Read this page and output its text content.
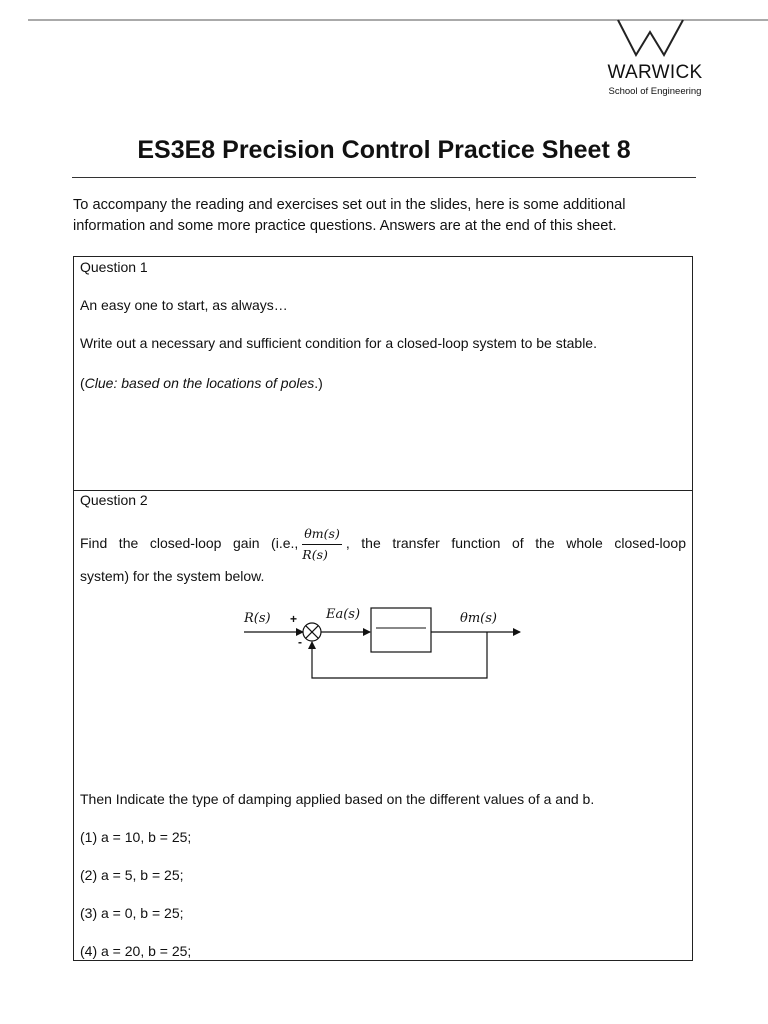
WARWICK
School of Engineering
ES3E8 Precision Control Practice Sheet 8

To accompany the reading and exercises set out in the slides, here is some additional information and some more practice questions. Answers are at the end of this sheet.

Question 1

An easy one to start, as always…

Write out a necessary and sufficient condition for a closed-loop system to be stable.

(Clue: based on the locations of poles.)

Question 2

Find the closed-loop gain (i.e., $\frac{\theta m(s)}{R(s)}$ , the transfer function of the whole closed-loop

system) for the system below.

R(s) +
-
Ea(s)	θm(s)

Then Indicate the type of damping applied based on the different values of a and b.

(1) a = 10, b = 25;

(2) a = 5, b = 25;

(3) a = 0, b = 25;

(4) a = 20, b = 25;
